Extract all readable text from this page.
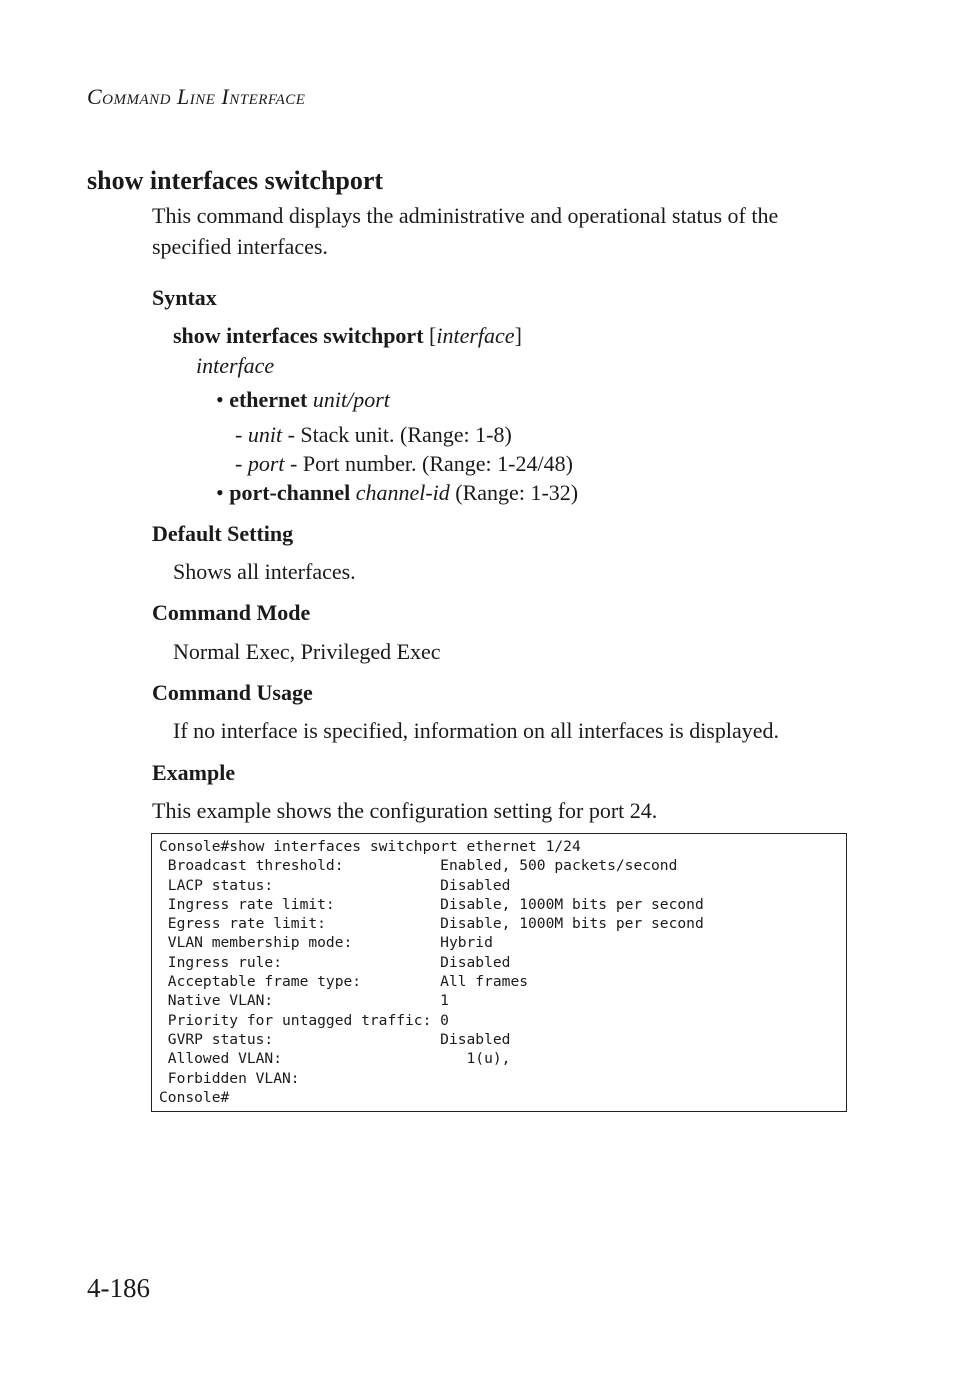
Command Line Interface
show interfaces switchport
This command displays the administrative and operational status of the specified interfaces.
Syntax
show interfaces switchport [interface]
interface
• ethernet unit/port
- unit - Stack unit. (Range: 1-8)
- port - Port number. (Range: 1-24/48)
• port-channel channel-id (Range: 1-32)
Default Setting
Shows all interfaces.
Command Mode
Normal Exec, Privileged Exec
Command Usage
If no interface is specified, information on all interfaces is displayed.
Example
This example shows the configuration setting for port 24.
Console#show interfaces switchport ethernet 1/24
Broadcast threshold:           Enabled, 500 packets/second
LACP status:                   Disabled
Ingress rate limit:            Disable, 1000M bits per second
Egress rate limit:             Disable, 1000M bits per second
VLAN membership mode:          Hybrid
Ingress rule:                  Disabled
Acceptable frame type:         All frames
Native VLAN:                   1
Priority for untagged traffic: 0
GVRP status:                   Disabled
Allowed VLAN:                     1(u),
Forbidden VLAN:
Console#
4-186
